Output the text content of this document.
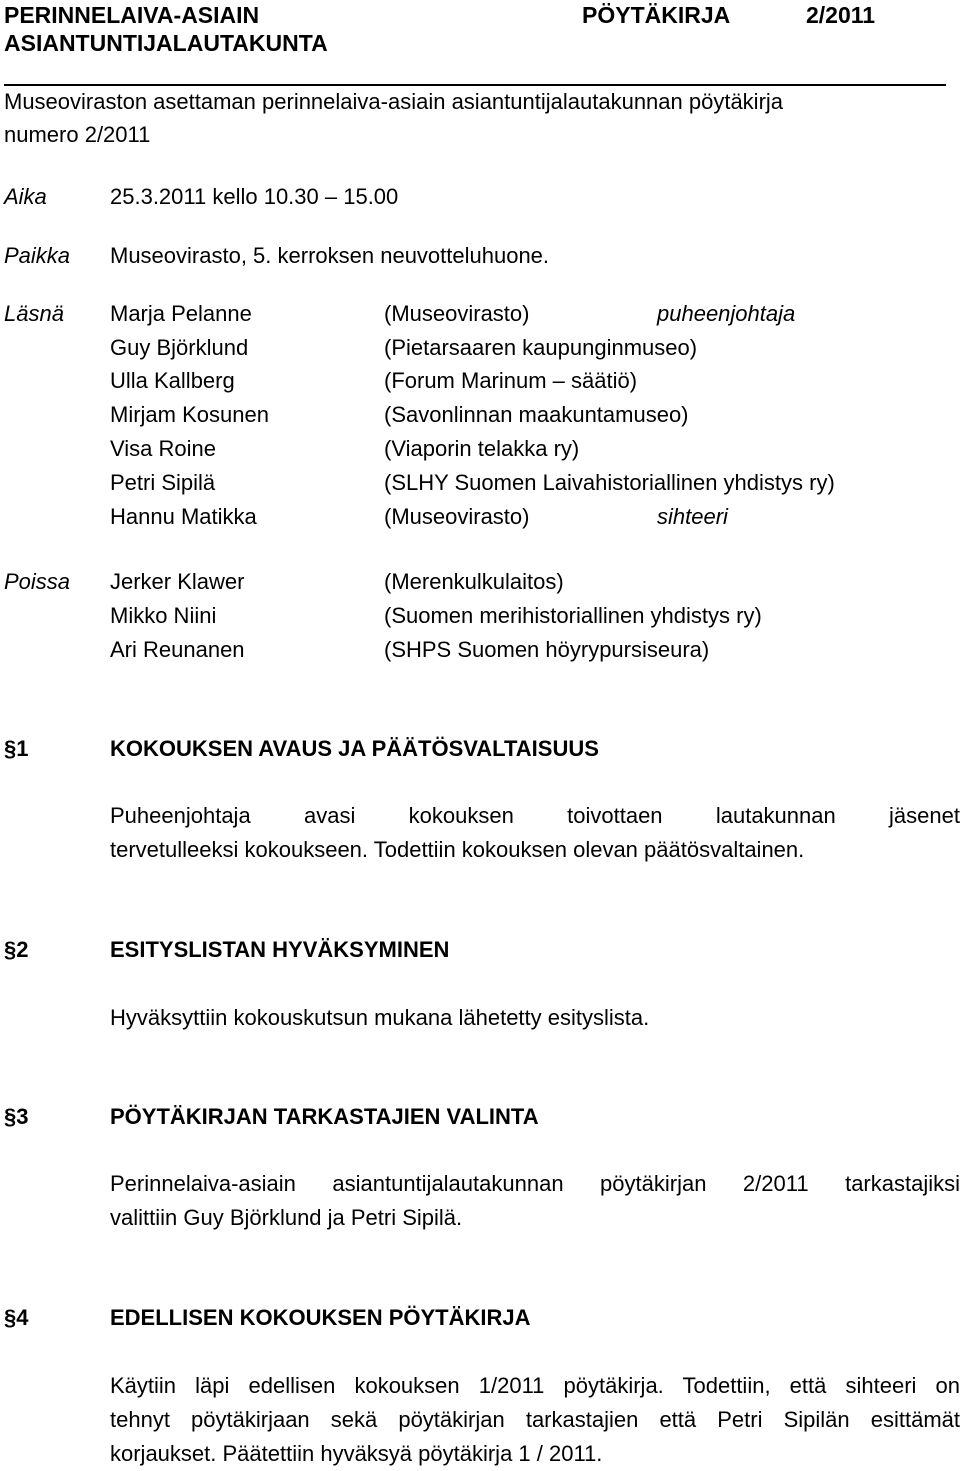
PERINNELAIVA-ASIAIN
ASIANTUNTIJALAUTAKUNTA
PÖYTÄKIRJA	2/2011
Museoviraston asettaman perinnelaiva-asiain asiantuntijalautakunnan pöytäkirja
numero 2/2011
Aika	25.3.2011 kello 10.30 – 15.00
Paikka Museovirasto, 5. kerroksen neuvotteluhuone.
Läsnä Marja Pelanne	(Museovirasto)	puheenjohtaja
Guy Björklund	(Pietarsaaren kaupunginmuseo)
Ulla Kallberg	(Forum Marinum – säätiö)
Mirjam Kosunen	(Savonlinnan maakuntamuseo)
Visa Roine	(Viaporin telakka ry)
Petri Sipilä	(SLHY Suomen Laivahistoriallinen yhdistys ry)
Hannu Matikka	(Museovirasto)	sihteeri
Poissa Jerker Klawer	(Merenkulkulaitos)
Mikko Niini	(Suomen merihistoriallinen yhdistys ry)
Ari Reunanen	(SHPS Suomen höyrypursiseura)
§1	KOKOUKSEN AVAUS JA PÄÄTÖSVALTAISUUS
Puheenjohtaja avasi kokouksen toivottaen lautakunnan jäsenet
tervetulleeksi kokoukseen. Todettiin kokouksen olevan päätösvaltainen.
§2	ESITYSLISTAN HYVÄKSYMINEN
Hyväksyttiin kokouskutsun mukana lähetetty esityslista.
§3	PÖYTÄKIRJAN TARKASTAJIEN VALINTA
Perinnelaiva-asiain asiantuntijalautakunnan pöytäkirjan 2/2011 tarkastajiksi
valittiin Guy Björklund ja Petri Sipilä.
§4	EDELLISEN KOKOUKSEN PÖYTÄKIRJA
Käytiin läpi edellisen kokouksen 1/2011 pöytäkirja. Todettiin, että sihteeri on
tehnyt pöytäkirjaan sekä pöytäkirjan tarkastajien että Petri Sipilän esittämät
korjaukset. Päätettiin hyväksyä pöytäkirja 1 / 2011.
